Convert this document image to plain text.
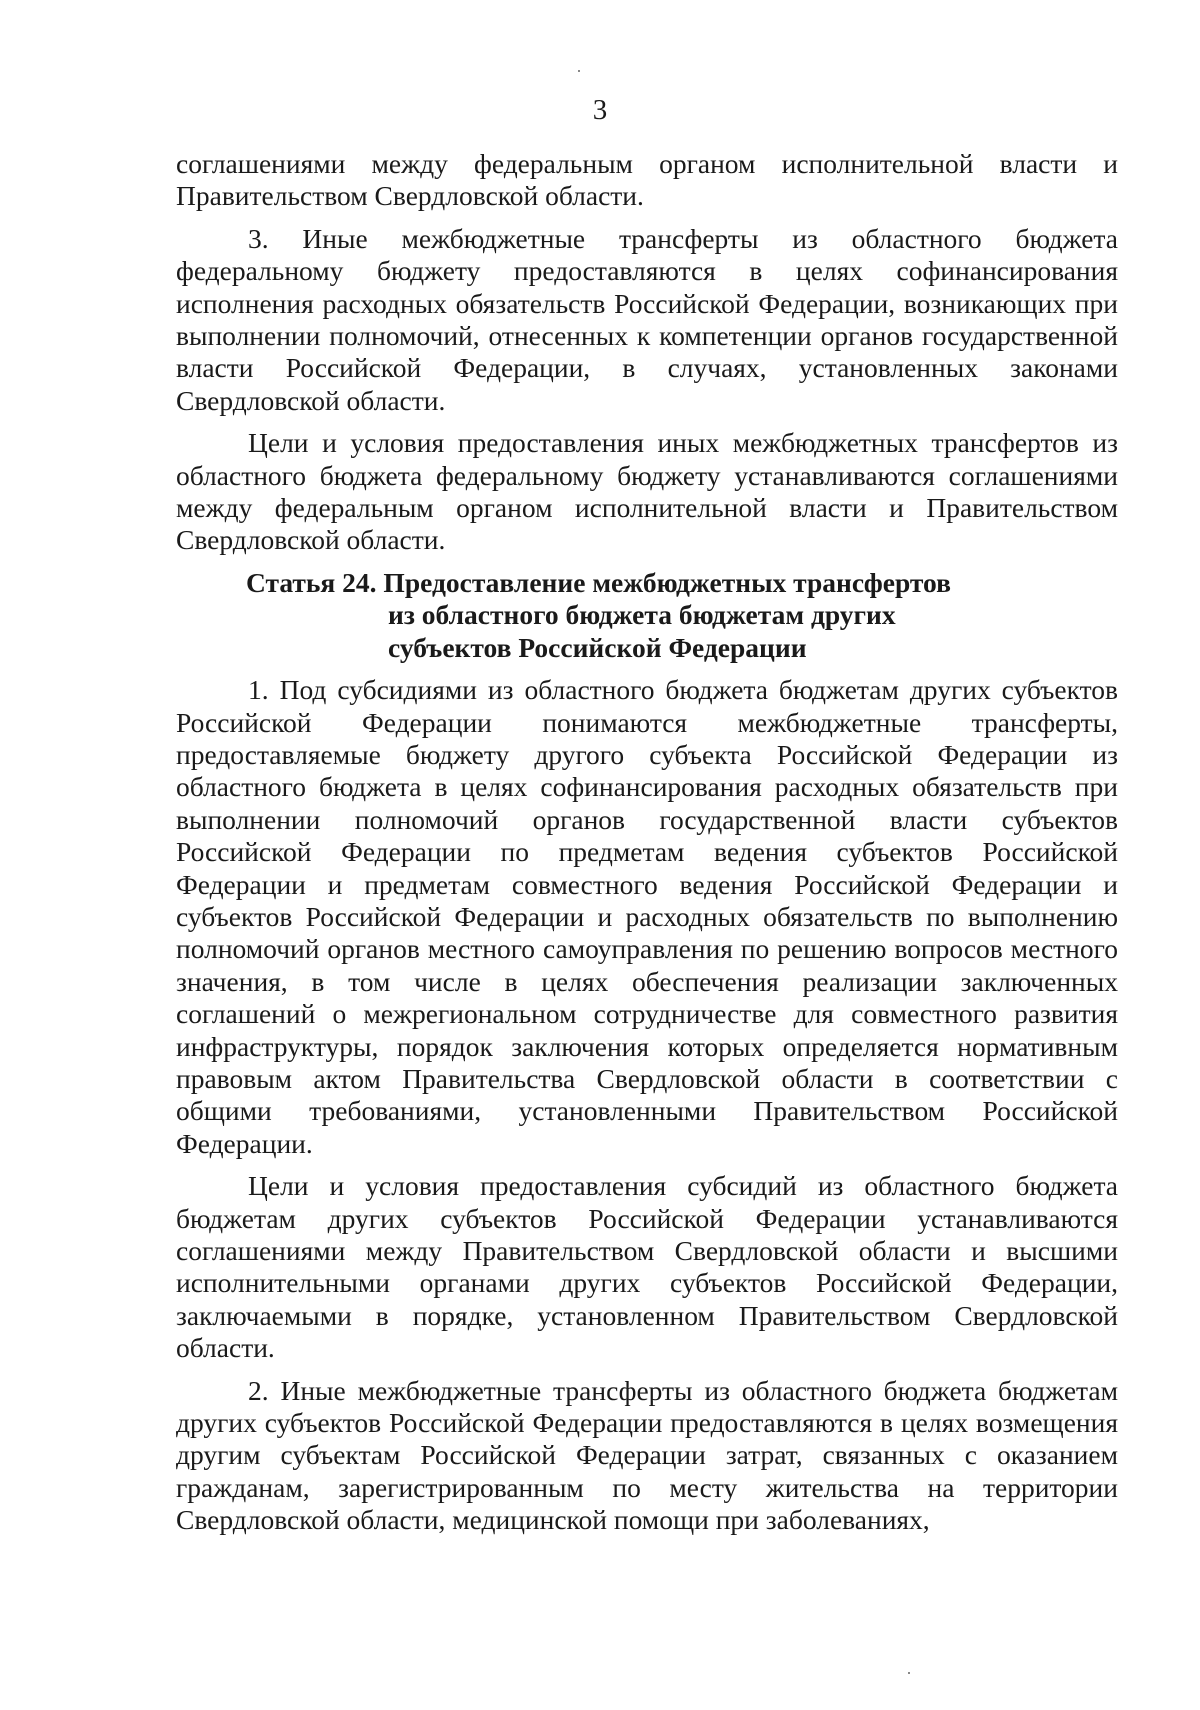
3

соглашениями между федеральным органом исполнительной власти и Правительством Свердловской области.

3. Иные межбюджетные трансферты из областного бюджета федеральному бюджету предоставляются в целях софинансирования исполнения расходных обязательств Российской Федерации, возникающих при выполнении полномочий, отнесенных к компетенции органов государственной власти Российской Федерации, в случаях, установленных законами Свердловской области.

Цели и условия предоставления иных межбюджетных трансфертов из областного бюджета федеральному бюджету устанавливаются соглашениями между федеральным органом исполнительной власти и Правительством Свердловской области.

Статья 24. Предоставление межбюджетных трансфертов
из областного бюджета бюджетам других
субъектов Российской Федерации

1. Под субсидиями из областного бюджета бюджетам других субъектов Российской Федерации понимаются межбюджетные трансферты, предоставляемые бюджету другого субъекта Российской Федерации из областного бюджета в целях софинансирования расходных обязательств при выполнении полномочий органов государственной власти субъектов Российской Федерации по предметам ведения субъектов Российской Федерации и предметам совместного ведения Российской Федерации и субъектов Российской Федерации и расходных обязательств по выполнению полномочий органов местного самоуправления по решению вопросов местного значения, в том числе в целях обеспечения реализации заключенных соглашений о межрегиональном сотрудничестве для совместного развития инфраструктуры, порядок заключения которых определяется нормативным правовым актом Правительства Свердловской области в соответствии с общими требованиями, установленными Правительством Российской Федерации.

Цели и условия предоставления субсидий из областного бюджета бюджетам других субъектов Российской Федерации устанавливаются соглашениями между Правительством Свердловской области и высшими исполнительными органами других субъектов Российской Федерации, заключаемыми в порядке, установленном Правительством Свердловской области.

2. Иные межбюджетные трансферты из областного бюджета бюджетам других субъектов Российской Федерации предоставляются в целях возмещения другим субъектам Российской Федерации затрат, связанных с оказанием гражданам, зарегистрированным по месту жительства на территории Свердловской области, медицинской помощи при заболеваниях,
